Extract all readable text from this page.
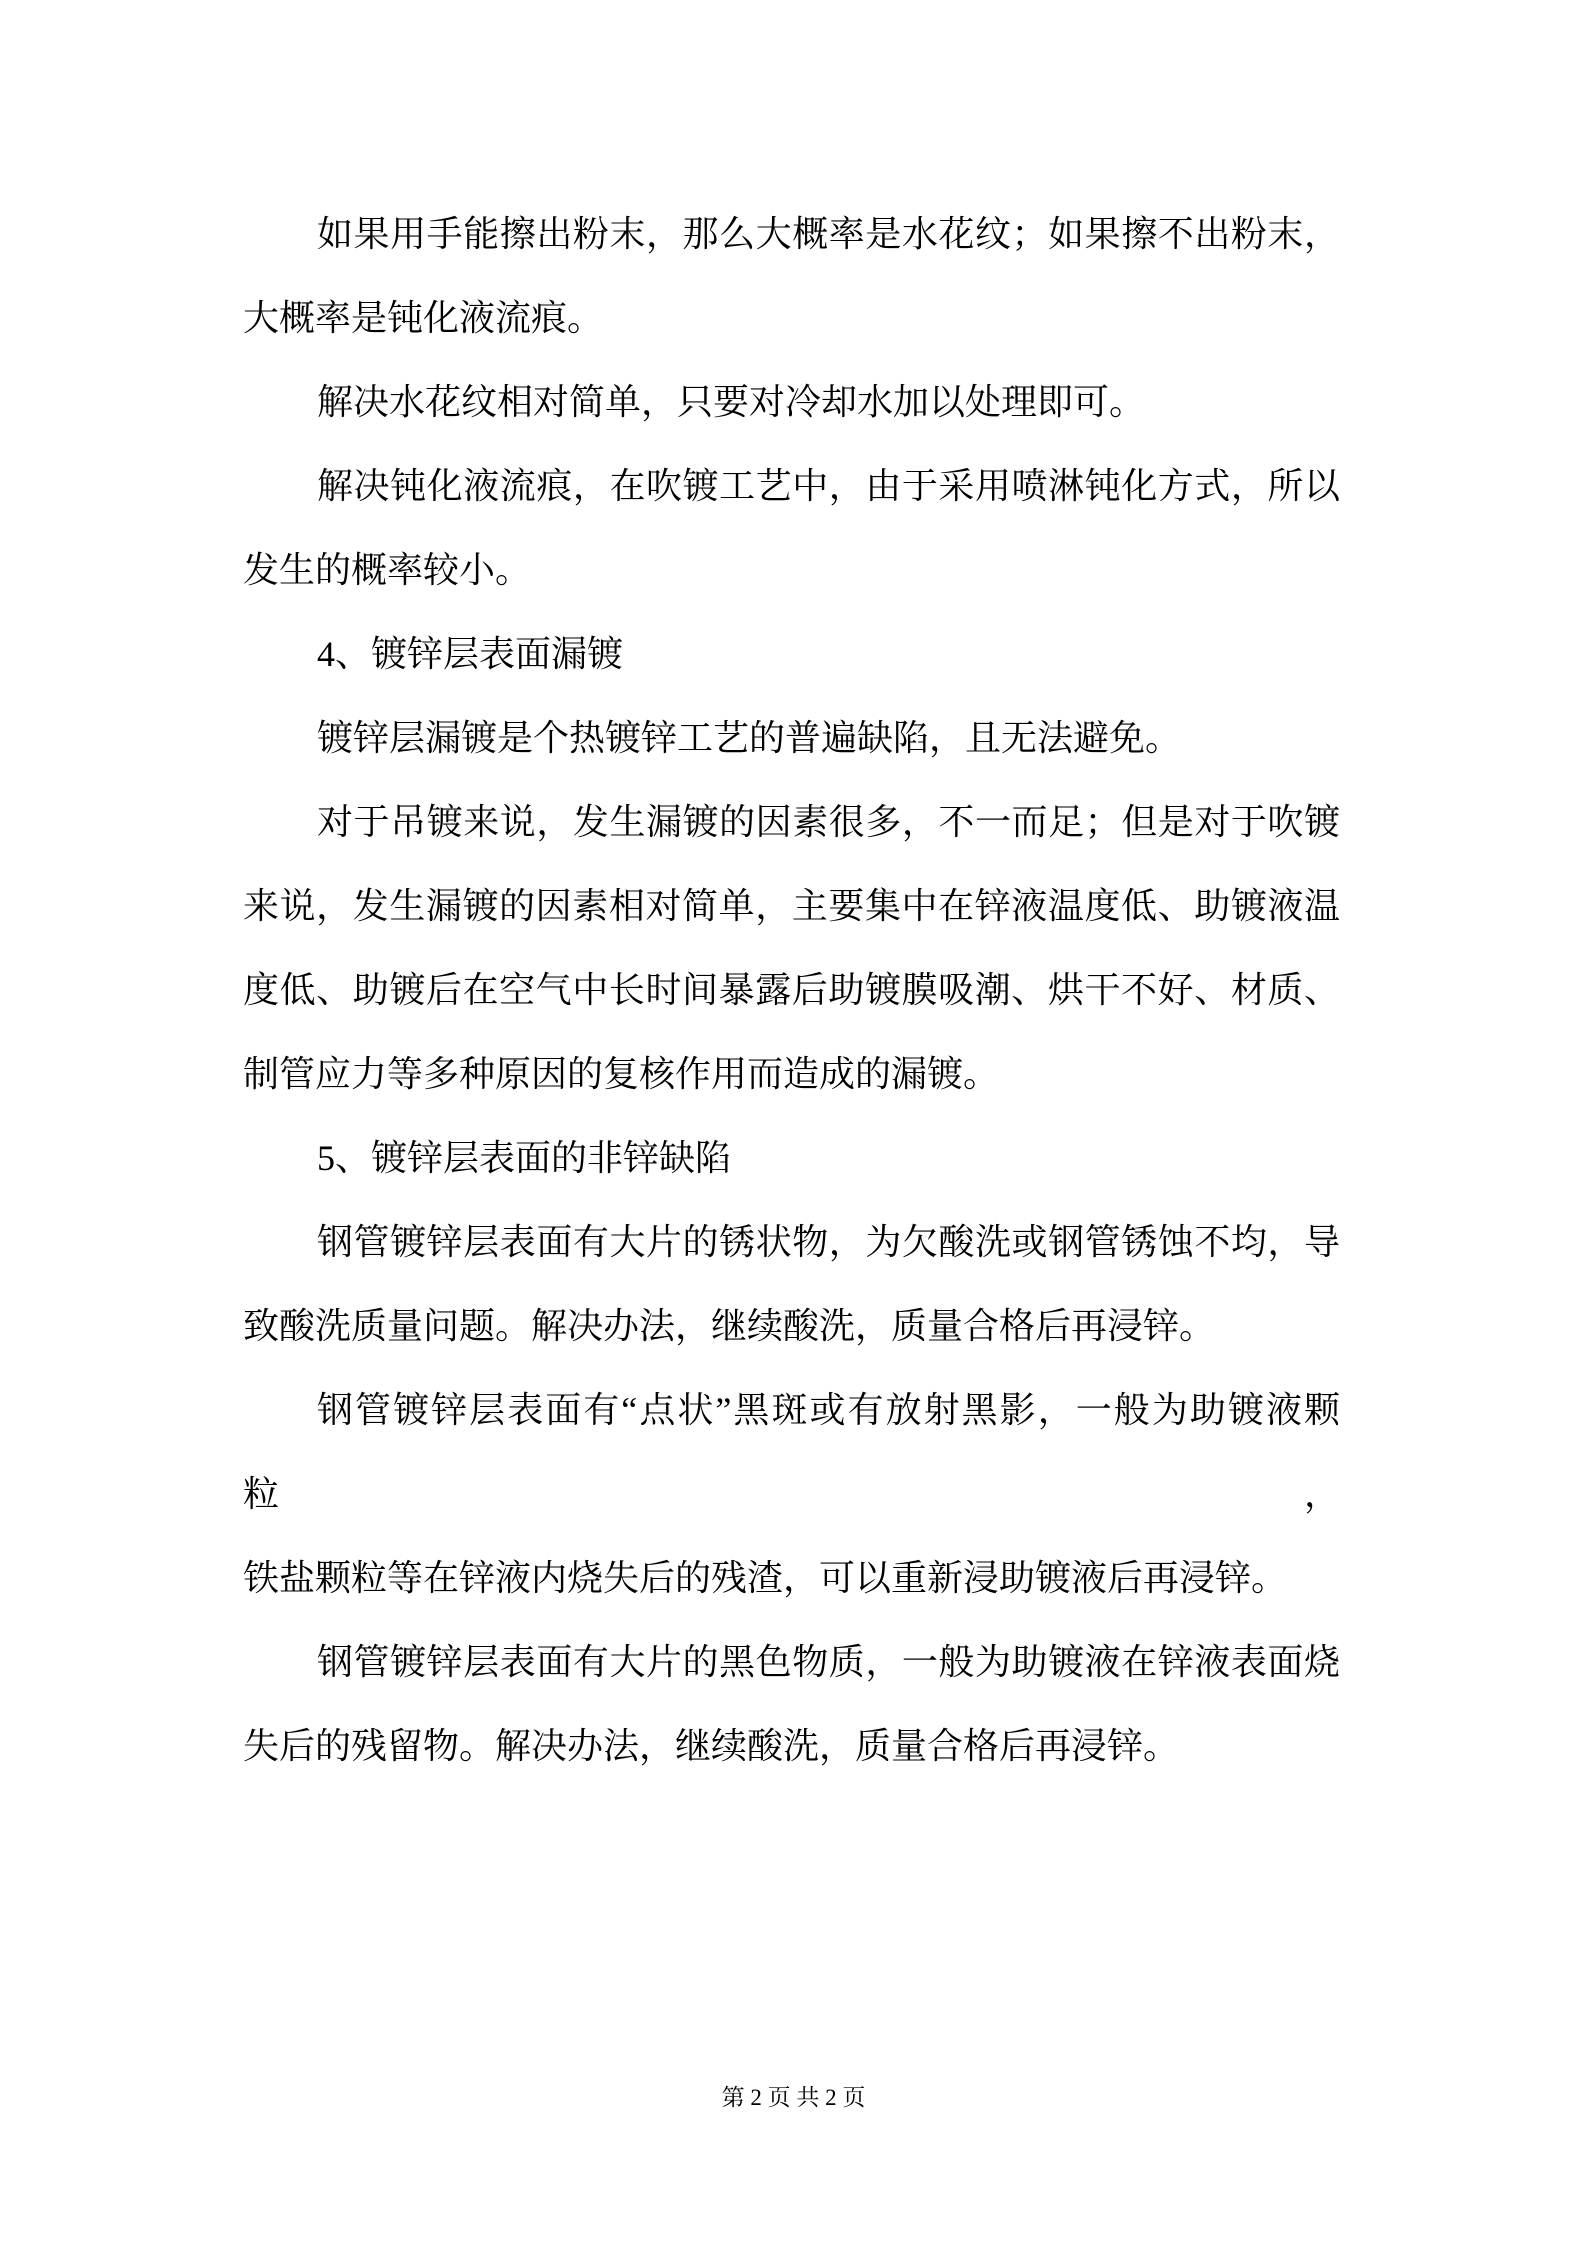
如果用手能擦出粉末，那么大概率是水花纹；如果擦不出粉末，
大概率是钝化液流痕。
解决水花纹相对简单，只要对冷却水加以处理即可。
解决钝化液流痕，在吹镀工艺中，由于采用喷淋钝化方式，所以
发生的概率较小。
4、镀锌层表面漏镀
镀锌层漏镀是个热镀锌工艺的普遍缺陷，且无法避免。
对于吊镀来说，发生漏镀的因素很多，不一而足；但是对于吹镀
来说，发生漏镀的因素相对简单，主要集中在锌液温度低、助镀液温
度低、助镀后在空气中长时间暴露后助镀膜吸潮、烘干不好、材质、
制管应力等多种原因的复核作用而造成的漏镀。
5、镀锌层表面的非锌缺陷
钢管镀锌层表面有大片的锈状物，为欠酸洗或钢管锈蚀不均，导
致酸洗质量问题。解决办法，继续酸洗，质量合格后再浸锌。
钢管镀锌层表面有“点状”黑斑或有放射黑影，一般为助镀液颗粒，
铁盐颗粒等在锌液内烧失后的残渣，可以重新浸助镀液后再浸锌。
钢管镀锌层表面有大片的黑色物质，一般为助镀液在锌液表面烧
失后的残留物。解决办法，继续酸洗，质量合格后再浸锌。
第 2 页 共 2 页
